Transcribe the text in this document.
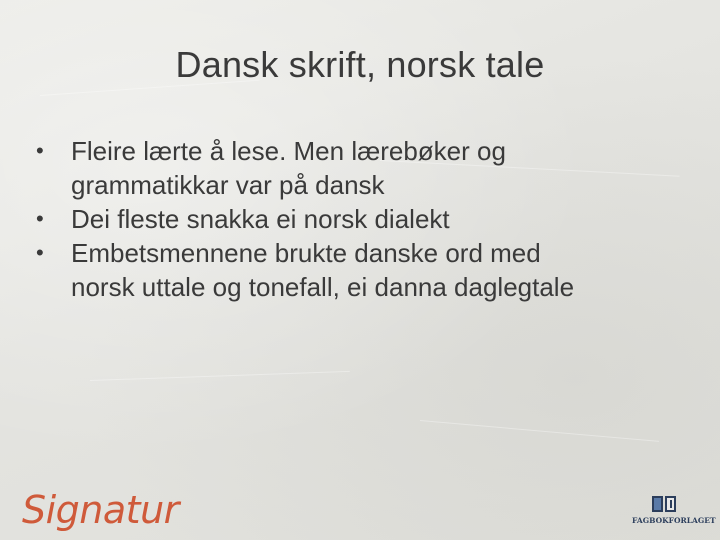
Dansk skrift, norsk tale
•	Fleire lærte å lese. Men lærebøker og
grammatikkar var på dansk
•	Dei fleste snakka ei norsk dialekt
•	Embetsmennene brukte danske ord med
norsk uttale og tonefall, ei danna daglegtale
Signatur	FAGBOKFORLAGET
